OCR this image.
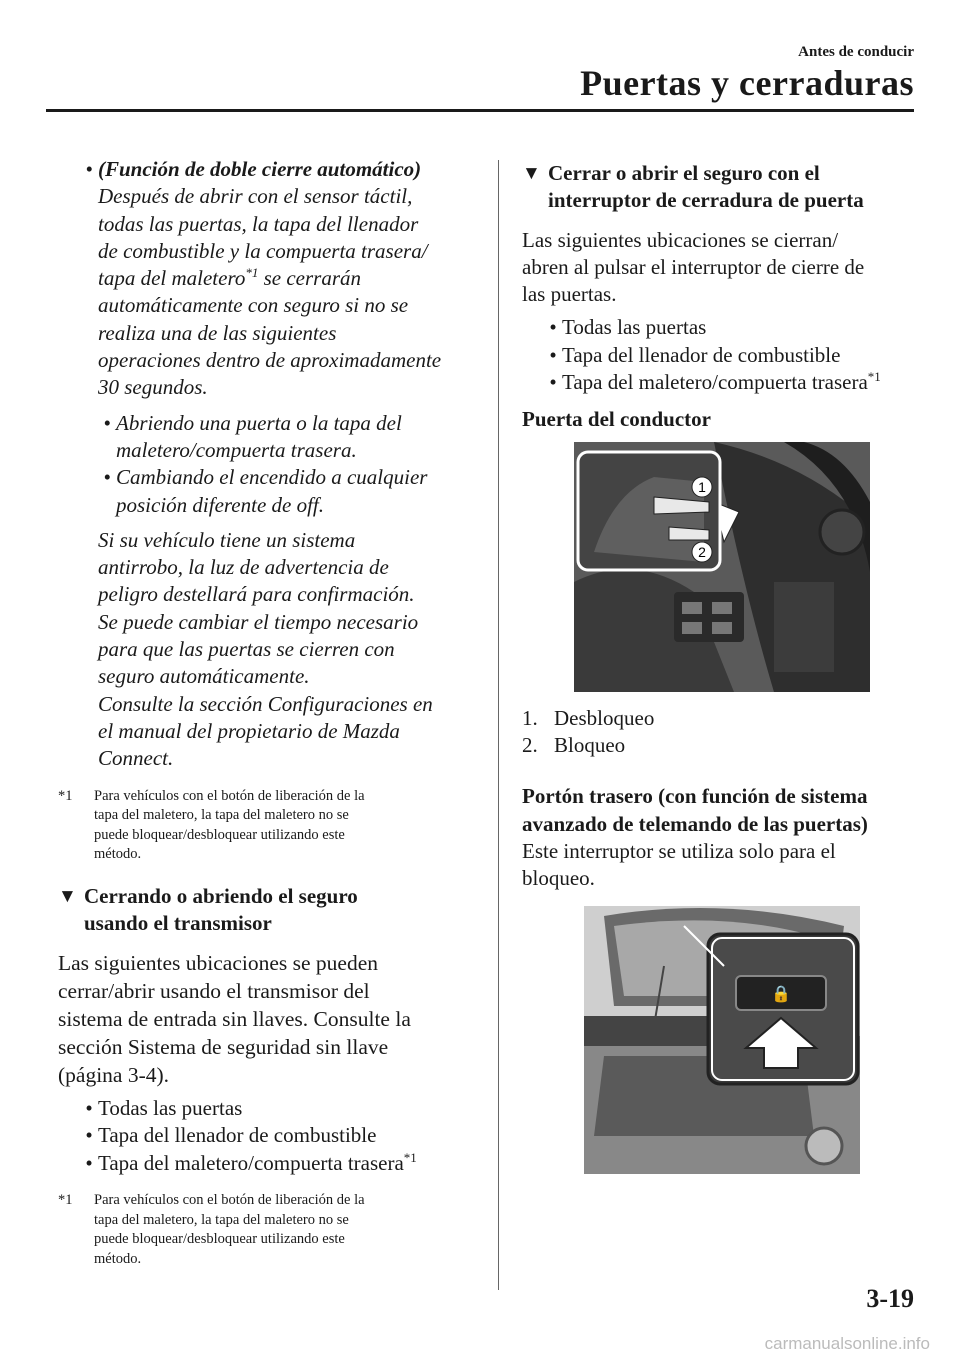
Antes de conducir
Puertas y cerraduras
• (Función de doble cierre automático)
Después de abrir con el sensor táctil,
todas las puertas, la tapa del llenador
de combustible y la compuerta trasera/
tapa del maletero$^{*1}$ se cerrarán
automáticamente con seguro si no se
realiza una de las siguientes
operaciones dentro de aproximadamente
30 segundos.
• Abriendo una puerta o la tapa del
maletero/compuerta trasera.
• Cambiando el encendido a cualquier
posición diferente de off.
Si su vehículo tiene un sistema
antirrobo, la luz de advertencia de
peligro destellará para confirmación.
Se puede cambiar el tiempo necesario
para que las puertas se cierren con
seguro automáticamente.
Consulte la sección Configuraciones en
el manual del propietario de Mazda
Connect.
*1	Para vehículos con el botón de liberación de la
tapa del maletero, la tapa del maletero no se
puede bloquear/desbloquear utilizando este
método.
▼ Cerrando o abriendo el seguro
usando el transmisor
Las siguientes ubicaciones se pueden
cerrar/abrir usando el transmisor del
sistema de entrada sin llaves. Consulte la
sección Sistema de seguridad sin llave
(página 3-4).
• Todas las puertas
• Tapa del llenador de combustible
• Tapa del maletero/compuerta trasera$^{*1}$
*1	Para vehículos con el botón de liberación de la
tapa del maletero, la tapa del maletero no se
puede bloquear/desbloquear utilizando este
método.
▼ Cerrar o abrir el seguro con el
interruptor de cerradura de puerta
Las siguientes ubicaciones se cierran/
abren al pulsar el interruptor de cierre de
las puertas.
• Todas las puertas
• Tapa del llenador de combustible
• Tapa del maletero/compuerta trasera$^{*1}$
Puerta del conductor
1
2
1. Desbloqueo
2. Bloqueo
Portón trasero (con función de sistema
avanzado de telemando de las puertas)
Este interruptor se utiliza solo para el
bloqueo.
🔒
3-19
carmanualsonline.info
